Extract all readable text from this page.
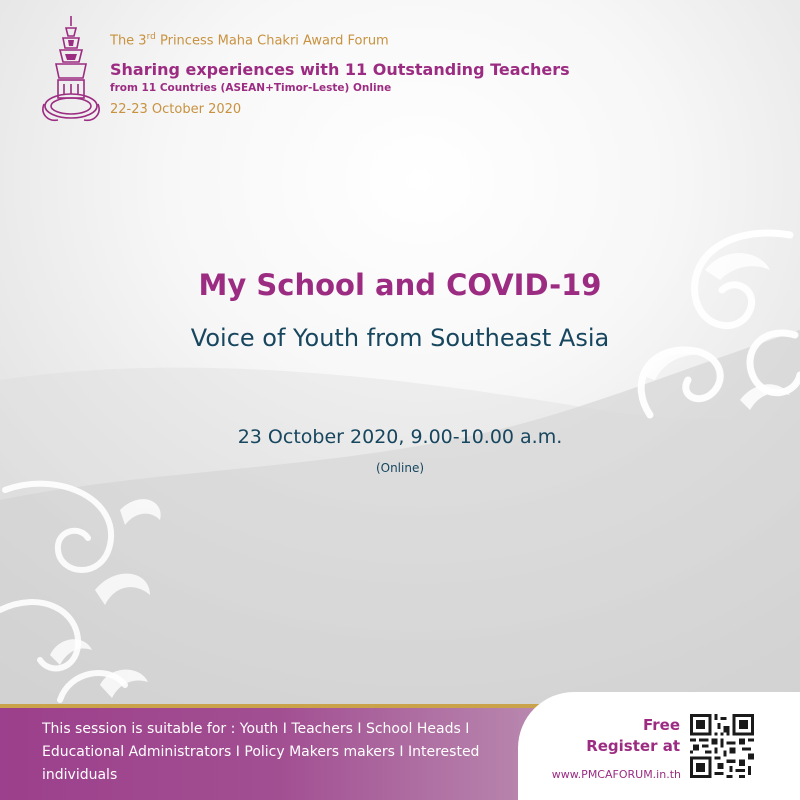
The 3rd Princess Maha Chakri Award Forum
Sharing experiences with 11 Outstanding Teachers
from 11 Countries (ASEAN+Timor-Leste) Online
22-23 October 2020
My School and COVID-19
Voice of Youth from Southeast Asia
23 October 2020, 9.00-10.00 a.m.
(Online)
This session is suitable for : Youth I Teachers I School Heads I Educational Administrators I Policy Makers makers I Interested individuals
Free
Register at
www.PMCAFORUM.in.th
